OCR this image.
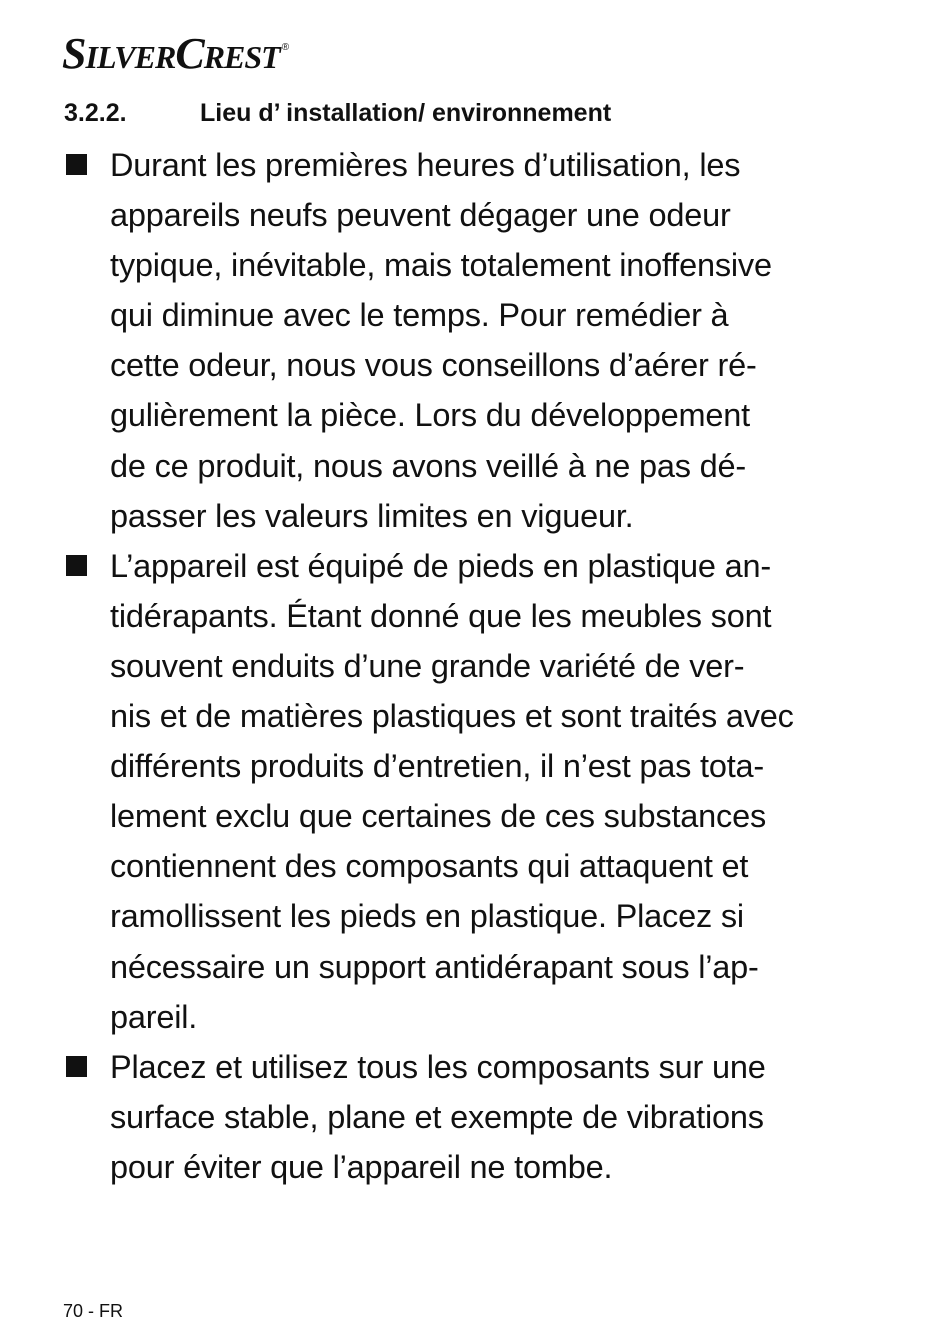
SILVERCREST ®
3.2.2.	Lieu d’ installation/ environnement
Durant les premières heures d’utilisation, les
appareils neufs peuvent dégager une odeur
typique, inévitable, mais totalement inoffensive
qui diminue avec le temps. Pour remédier à
cette odeur, nous vous conseillons d’aérer ré-
gulièrement la pièce. Lors du développement
de ce produit, nous avons veillé à ne pas dé-
passer les valeurs limites en vigueur.
L’appareil est équipé de pieds en plastique an-
tidérapants. Étant donné que les meubles sont
souvent enduits d’une grande variété de ver-
nis et de matières plastiques et sont traités avec
différents produits d’entretien, il n’est pas tota-
lement exclu que certaines de ces substances
contiennent des composants qui attaquent et
ramollissent les pieds en plastique. Placez si
nécessaire un support antidérapant sous l’ap-
pareil.
Placez et utilisez tous les composants sur une
surface stable, plane et exempte de vibrations
pour éviter que l’appareil ne tombe.
70 - FR
